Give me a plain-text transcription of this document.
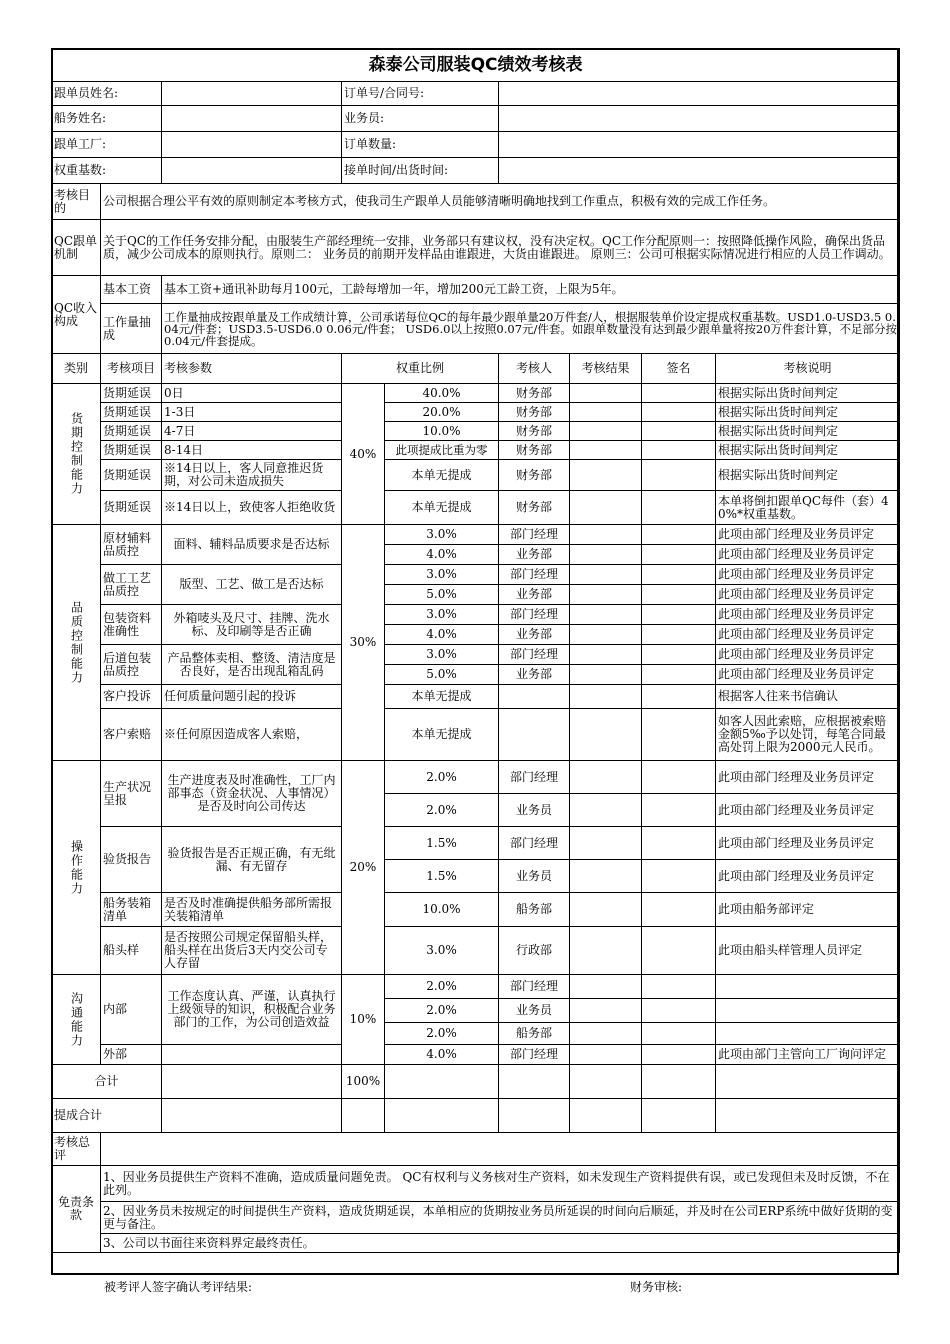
森泰公司服装QC绩效考核表								
跟单员姓名:			订单号/合同号:					
船务姓名:			业务员:					
跟单工厂:			订单数量:					
权重基数:			接单时间/出货时间:					
考核目的	公司根据合理公平有效的原则制定本考核方式，使我司生产跟单人员能够清晰明确地找到工作重点，积极有效的完成工作任务。							
QC跟单机制	关于QC的工作任务安排分配，由服装生产部经理统一安排，业务部只有建议权，没有决定权。QC工作分配原则一：按照降低操作风险，确保出货品质，减少公司成本的原则执行。原则二： 业务员的前期开发样品由谁跟进，大货由谁跟进。 原则三：公司可根据实际情况进行相应的人员工作调动。							
QC收入构成	基本工资	基本工资+通讯补助每月100元，工龄每增加一年，增加200元工龄工资，上限为5年。						
	工作量抽成	工作量抽成按跟单量及工作成绩计算，公司承诺每位QC的每年最少跟单量20万件套/人，根据服装单价设定提成权重基数。USD1.0-USD3.5 0.04元/件套；USD3.5-USD6.0 0.06元/件套； USD6.0以上按照0.07元/件套。如跟单数量没有达到最少跟单量将按20万件套计算，不足部分按0.04元/件套提成。						
类别	考核项目	考核参数	权重比例		考核人	考核结果	签名	考核说明
货期控制能力	货期延误	0日	40%	40.0%	财务部			根据实际出货时间判定
	货期延误	1-3日		20.0%	财务部			根据实际出货时间判定
	货期延误	4-7日		10.0%	财务部			根据实际出货时间判定
	货期延误	8-14日		此项提成比重为零	财务部			根据实际出货时间判定
	货期延误	※14日以上，客人同意推迟货期，对公司未造成损失		本单无提成	财务部			根据实际出货时间判定
	货期延误	※14日以上，致使客人拒绝收货		本单无提成	财务部			本单将倒扣跟单QC每件（套）40%*权重基数。
品质控制能力	原材辅料品质控	面料、辅料品质要求是否达标	30%	3.0%	部门经理			此项由部门经理及业务员评定
				4.0%	业务部			此项由部门经理及业务员评定
	做工工艺品质控	版型、工艺、做工是否达标		3.0%	部门经理			此项由部门经理及业务员评定
				5.0%	业务部			此项由部门经理及业务员评定
	包装资料准确性	外箱唛头及尺寸、挂牌、洗水标、及印刷等是否正确		3.0%	部门经理			此项由部门经理及业务员评定
				4.0%	业务部			此项由部门经理及业务员评定
	后道包装品质控	产品整体卖相、整烫、清洁度是否良好，是否出现乱箱乱码		3.0%	部门经理			此项由部门经理及业务员评定
				5.0%	业务部			此项由部门经理及业务员评定
	客户投诉	任何质量问题引起的投诉		本单无提成				根据客人往来书信确认
	客户索赔	※任何原因造成客人索赔，		本单无提成				如客人因此索赔，应根据被索赔金额5‰予以处罚，每笔合同最高处罚上限为2000元人民币。
操作能力	生产状况呈报	生产进度表及时准确性，工厂内部事态（资金状况、人事情况）是否及时向公司传达	20%	2.0%	部门经理			此项由部门经理及业务员评定
				2.0%	业务员			此项由部门经理及业务员评定
	验货报告	验货报告是否正规正确，有无纰漏、有无留存		1.5%	部门经理			此项由部门经理及业务员评定
				1.5%	业务员			此项由部门经理及业务员评定
	船务装箱清单	是否及时准确提供船务部所需报关装箱清单		10.0%	船务部			此项由船务部评定
	船头样	是否按照公司规定保留船头样，船头样在出货后3天内交公司专人存留		3.0%	行政部			此项由船头样管理人员评定
沟通能力	内部	工作态度认真、严谨，认真执行上级领导的知识，积极配合业务部门的工作，为公司创造效益	10%	2.0%	部门经理			
				2.0%	业务员			
				2.0%	船务部			
	外部			4.0%	部门经理			此项由部门主管向工厂询问评定
合计			100%					
提成合计								
考核总评								
免责条款	1、因业务员提供生产资料不准确，造成质量问题免责。 QC有权利与义务核对生产资料，如未发现生产资料提供有误，或已发现但未及时反馈，不在此列。							
	2、因业务员未按规定的时间提供生产资料，造成货期延误，本单相应的货期按业务员所延误的时间向后顺延，并及时在公司ERP系统中做好货期的变更与备注。							
	3、公司以书面往来资料界定最终责任。							
被考评人签字确认考评结果:	财务审核:
